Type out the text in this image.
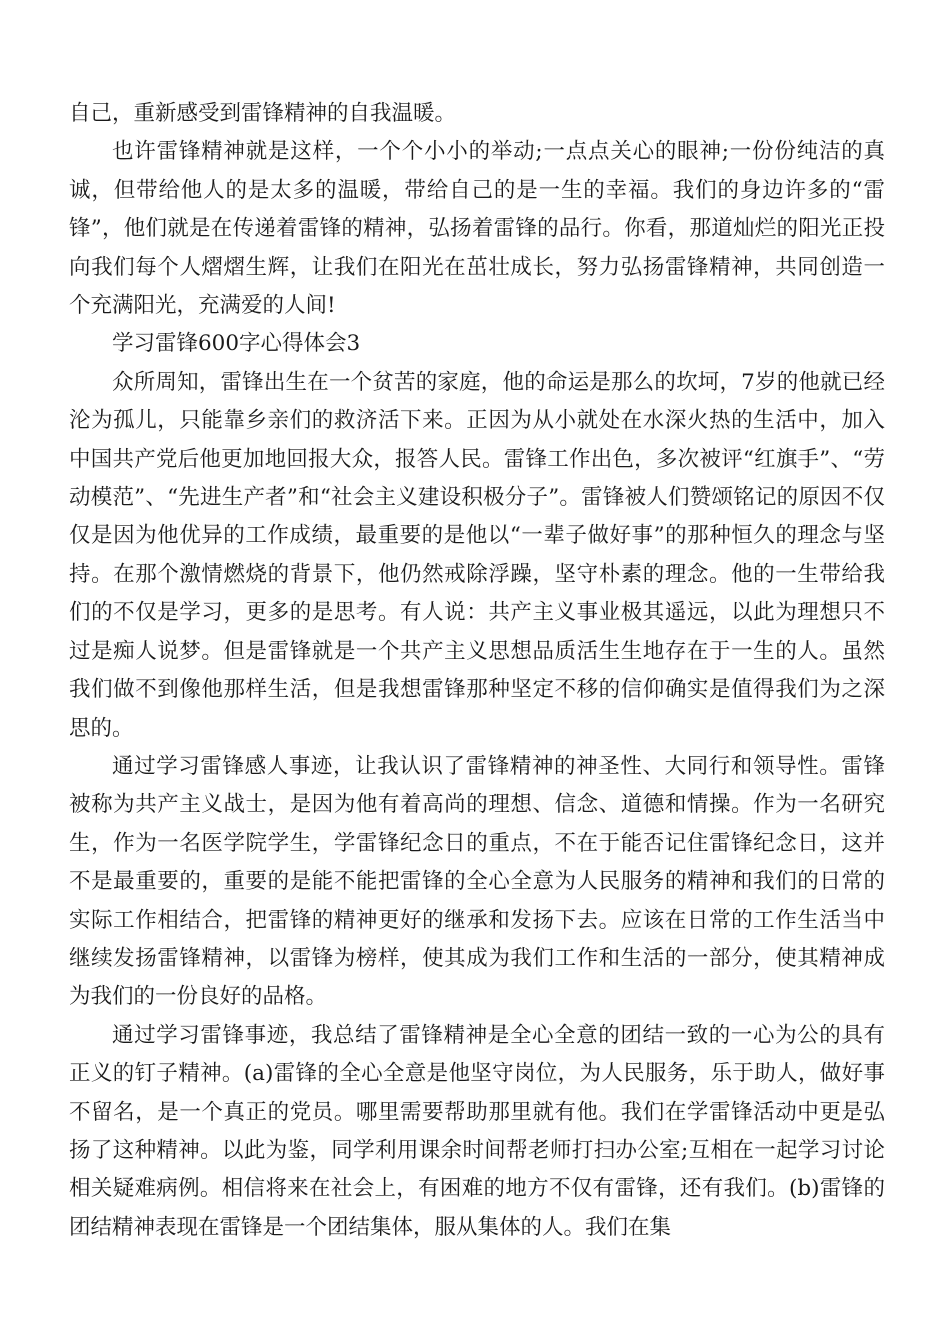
自己，重新感受到雷锋精神的自我温暖。

也许雷锋精神就是这样，一个个小小的举动;一点点关心的眼神;一份份纯洁的真诚，但带给他人的是太多的温暖，带给自己的是一生的幸福。我们的身边许多的“雷锋”，他们就是在传递着雷锋的精神，弘扬着雷锋的品行。你看，那道灿烂的阳光正投向我们每个人熠熠生辉，让我们在阳光在茁壮成长，努力弘扬雷锋精神，共同创造一个充满阳光，充满爱的人间!

学习雷锋600字心得体会3

众所周知，雷锋出生在一个贫苦的家庭，他的命运是那么的坎坷，7岁的他就已经沦为孤儿，只能靠乡亲们的救济活下来。正因为从小就处在水深火热的生活中，加入中国共产党后他更加地回报大众，报答人民。雷锋工作出色，多次被评“红旗手”、“劳动模范”、“先进生产者”和“社会主义建设积极分子”。雷锋被人们赞颂铭记的原因不仅仅是因为他优异的工作成绩，最重要的是他以“一辈子做好事”的那种恒久的理念与坚持。在那个激情燃烧的背景下，他仍然戒除浮躁，坚守朴素的理念。他的一生带给我们的不仅是学习，更多的是思考。有人说：共产主义事业极其遥远，以此为理想只不过是痴人说梦。但是雷锋就是一个共产主义思想品质活生生地存在于一生的人。虽然我们做不到像他那样生活，但是我想雷锋那种坚定不移的信仰确实是值得我们为之深思的。

通过学习雷锋感人事迹，让我认识了雷锋精神的神圣性、大同行和领导性。雷锋被称为共产主义战士，是因为他有着高尚的理想、信念、道德和情操。作为一名研究生，作为一名医学院学生，学雷锋纪念日的重点，不在于能否记住雷锋纪念日，这并不是最重要的，重要的是能不能把雷锋的全心全意为人民服务的精神和我们的日常的实际工作相结合，把雷锋的精神更好的继承和发扬下去。应该在日常的工作生活当中继续发扬雷锋精神，以雷锋为榜样，使其成为我们工作和生活的一部分，使其精神成为我们的一份良好的品格。

通过学习雷锋事迹，我总结了雷锋精神是全心全意的团结一致的一心为公的具有正义的钉子精神。(a)雷锋的全心全意是他坚守岗位，为人民服务，乐于助人，做好事不留名，是一个真正的党员。哪里需要帮助那里就有他。我们在学雷锋活动中更是弘扬了这种精神。以此为鉴，同学利用课余时间帮老师打扫办公室;互相在一起学习讨论相关疑难病例。相信将来在社会上，有困难的地方不仅有雷锋，还有我们。(b)雷锋的团结精神表现在雷锋是一个团结集体，服从集体的人。我们在集
